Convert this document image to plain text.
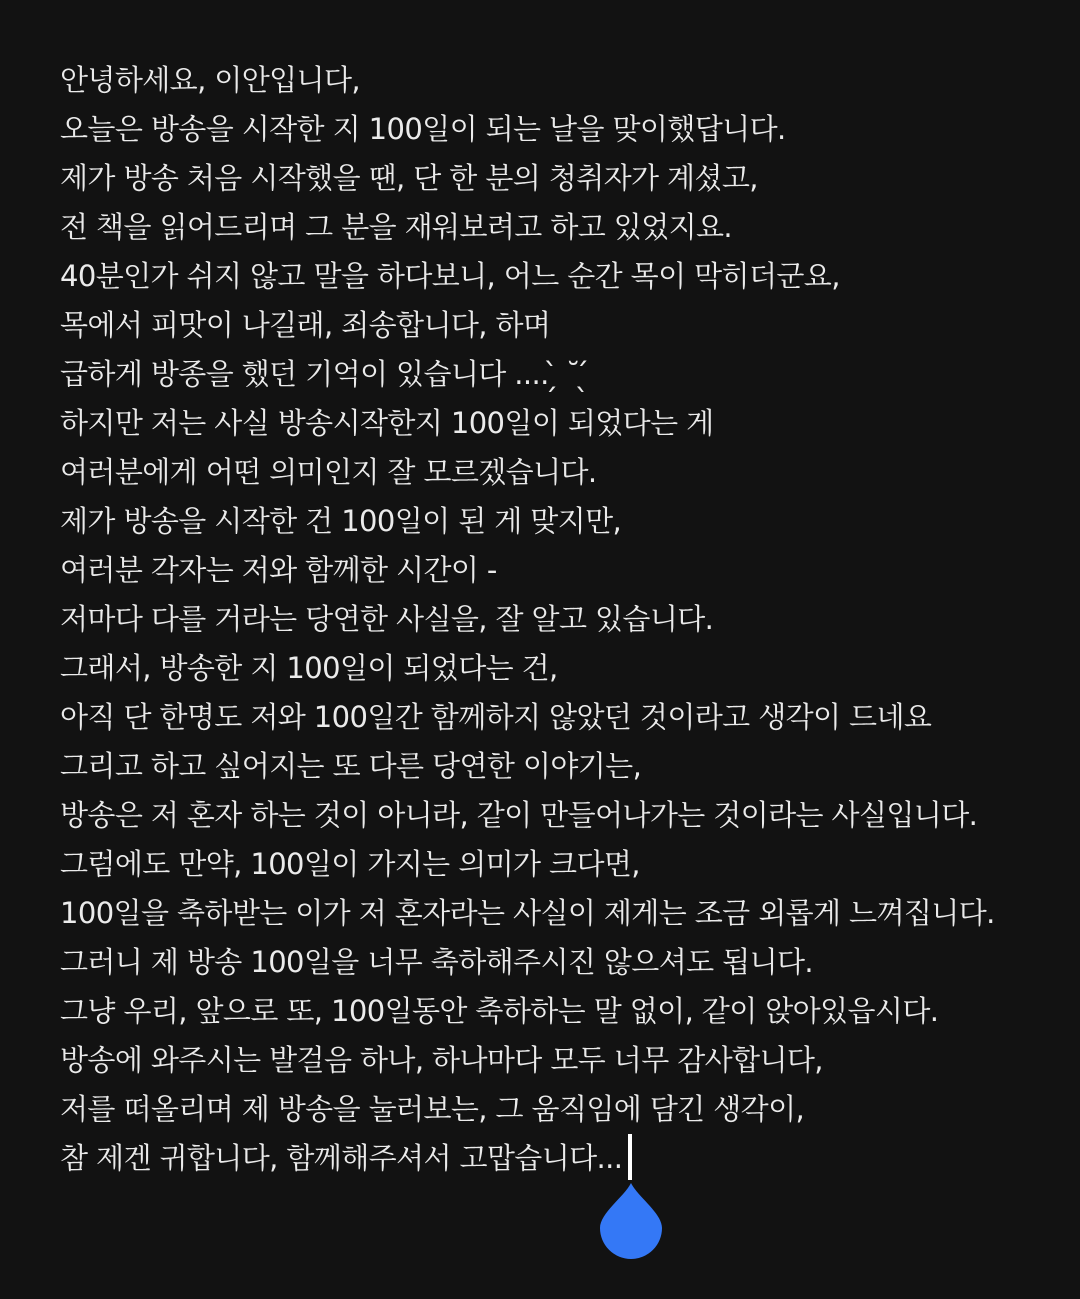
안녕하세요, 이안입니다,
오늘은 방송을 시작한 지 100일이 되는 날을 맞이했답니다.
제가 방송 처음 시작했을 땐, 단 한 분의 청취자가 계셨고,
전 책을 읽어드리며 그 분을 재워보려고 하고 있었지요.
40분인가 쉬지 않고 말을 하다보니, 어느 순간 목이 막히더군요,
목에서 피맛이 나길래, 죄송합니다, 하며
급하게 방종을 했던 기억이 있습니다 .... ̗̀ ˘ ̖́
하지만 저는 사실 방송시작한지 100일이 되었다는 게
여러분에게 어떤 의미인지 잘 모르겠습니다.
제가 방송을 시작한 건 100일이 된 게 맞지만,
여러분 각자는 저와 함께한 시간이 -
저마다 다를 거라는 당연한 사실을, 잘 알고 있습니다.
그래서, 방송한 지 100일이 되었다는 건,
아직 단 한명도 저와 100일간 함께하지 않았던 것이라고 생각이 드네요
그리고 하고 싶어지는 또 다른 당연한 이야기는,
방송은 저 혼자 하는 것이 아니라, 같이 만들어나가는 것이라는 사실입니다.
그럼에도 만약, 100일이 가지는 의미가 크다면,
100일을 축하받는 이가 저 혼자라는 사실이 제게는 조금 외롭게 느껴집니다.
그러니 제 방송 100일을 너무 축하해주시진 않으셔도 됩니다.
그냥 우리, 앞으로 또, 100일동안 축하하는 말 없이, 같이 앉아있읍시다.
방송에 와주시는 발걸음 하나, 하나마다 모두 너무 감사합니다,
저를 떠올리며 제 방송을 눌러보는, 그 움직임에 담긴 생각이,
참 제겐 귀합니다, 함께해주셔서 고맙습니다...
